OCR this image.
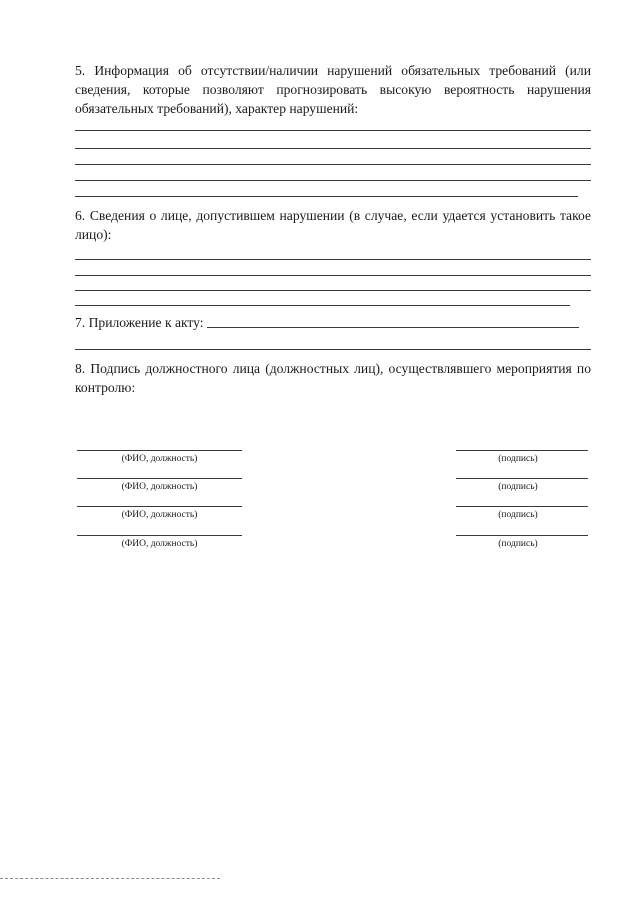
5. Информация об отсутствии/наличии нарушений обязательных требований (или сведения, которые позволяют прогнозировать высокую вероятность нарушения обязательных требований), характер нарушений:

6. Сведения о лице, допустившем нарушении (в случае, если удается установить такое лицо):

7. Приложение к акту:

8. Подпись должностного лица (должностных лиц), осуществлявшего мероприятия по контролю:

(ФИО, должность)	(подпись)
(ФИО, должность)	(подпись)
(ФИО, должность)	(подпись)
(ФИО, должность)	(подпись)
